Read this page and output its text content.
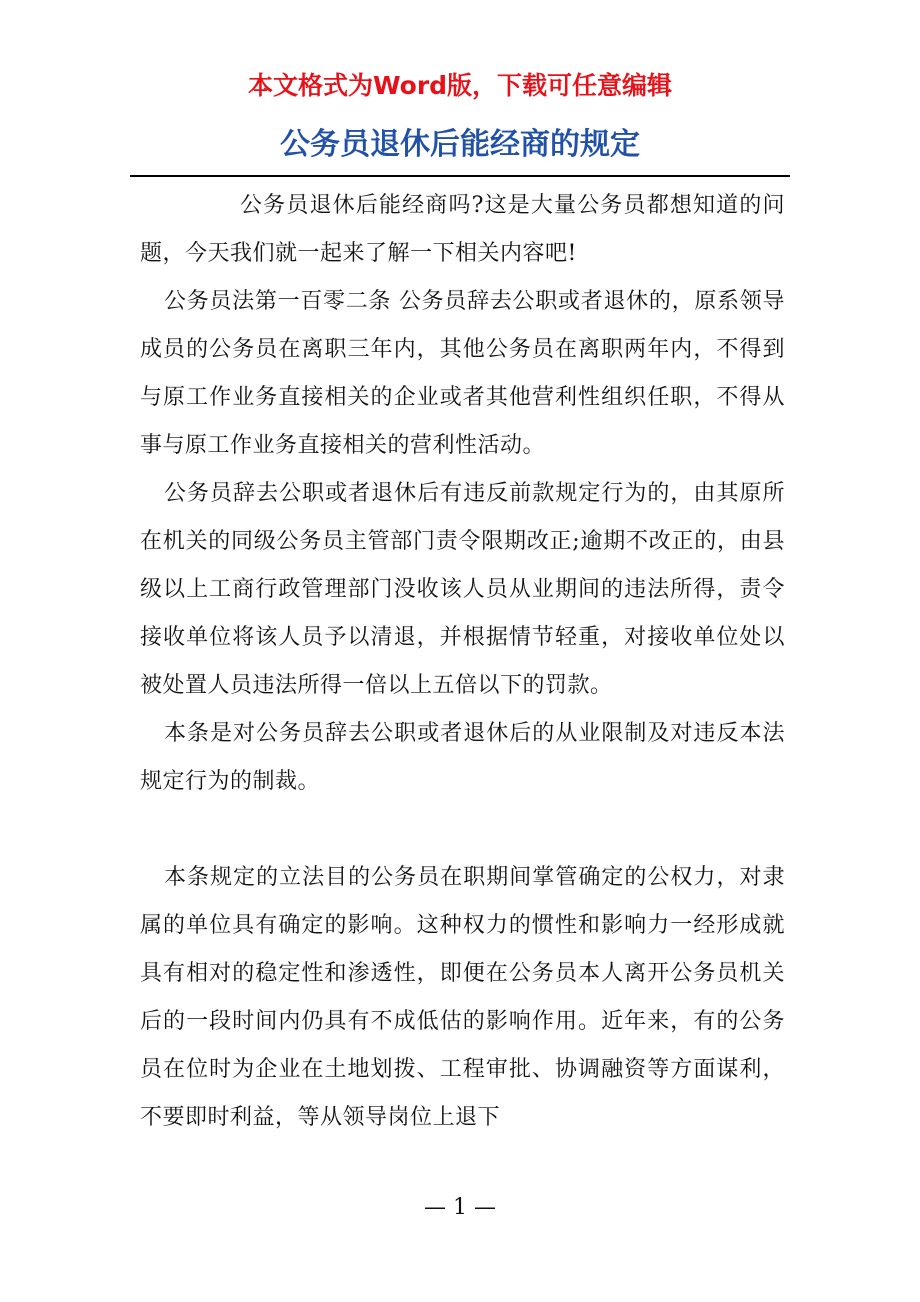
本文格式为Word版，下载可任意编辑
公务员退休后能经商的规定

公务员退休后能经商吗?这是大量公务员都想知道的问题，今天我们就一起来了解一下相关内容吧!

公务员法第一百零二条 公务员辞去公职或者退休的，原系领导成员的公务员在离职三年内，其他公务员在离职两年内，不得到与原工作业务直接相关的企业或者其他营利性组织任职，不得从事与原工作业务直接相关的营利性活动。

公务员辞去公职或者退休后有违反前款规定行为的，由其原所在机关的同级公务员主管部门责令限期改正;逾期不改正的，由县级以上工商行政管理部门没收该人员从业期间的违法所得，责令接收单位将该人员予以清退，并根据情节轻重，对接收单位处以被处置人员违法所得一倍以上五倍以下的罚款。

本条是对公务员辞去公职或者退休后的从业限制及对违反本法规定行为的制裁。

本条规定的立法目的公务员在职期间掌管确定的公权力，对隶属的单位具有确定的影响。这种权力的惯性和影响力一经形成就具有相对的稳定性和渗透性，即便在公务员本人离开公务员机关后的一段时间内仍具有不成低估的影响作用。近年来，有的公务员在位时为企业在土地划拨、工程审批、协调融资等方面谋利，不要即时利益，等从领导岗位上退下

— 1 —
